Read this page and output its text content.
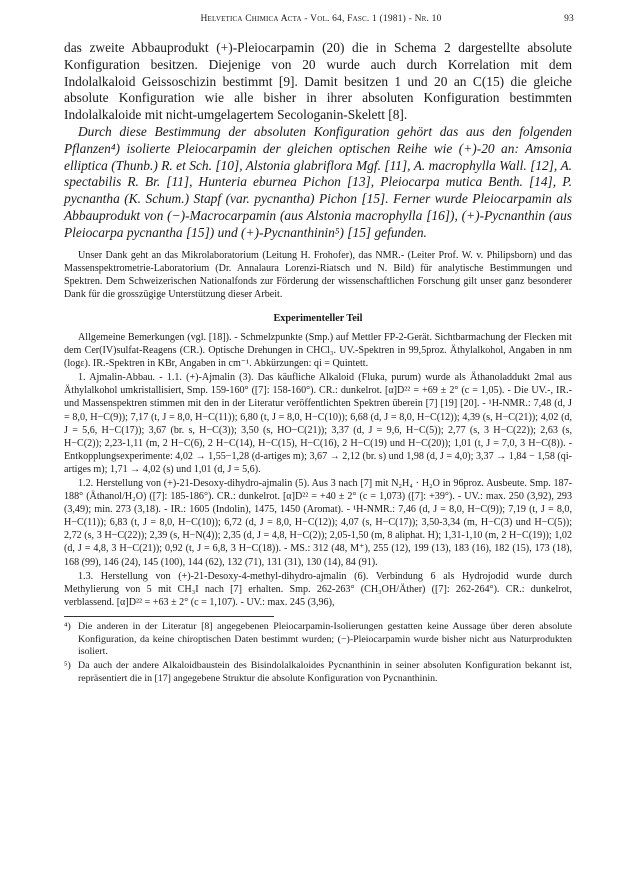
Helvetica Chimica Acta - Vol. 64, Fasc. 1 (1981) - Nr. 10	93

das zweite Abbauprodukt (+)-Pleiocarpamin (20) die in Schema 2 dargestellte absolute Konfiguration besitzen. Diejenige von 20 wurde auch durch Korrelation mit dem Indolalkaloid Geissoschizin bestimmt [9]. Damit besitzen 1 und 20 an C(15) die gleiche absolute Konfiguration wie alle bisher in ihrer absoluten Konfiguration bestimmten Indolalkaloide mit nicht-umgelagertem Secologanin-Skelett [8].

Durch diese Bestimmung der absoluten Konfiguration gehört das aus den folgenden Pflanzen⁴) isolierte Pleiocarpamin der gleichen optischen Reihe wie (+)-20 an: Amsonia elliptica (Thunb.) R. et Sch. [10], Alstonia glabriflora Mgf. [11], A. macrophylla Wall. [12], A. spectabilis R. Br. [11], Hunteria eburnea Pichon [13], Pleiocarpa mutica Benth. [14], P. pycnantha (K. Schum.) Stapf (var. pycnantha) Pichon [15]. Ferner wurde Pleiocarpamin als Abbauprodukt von (−)-Macrocarpamin (aus Alstonia macrophylla [16]), (+)-Pycnanthin (aus Pleiocarpa pycnantha [15]) und (+)-Pycnanthinin⁵) [15] gefunden.

Unser Dank geht an das Mikrolaboratorium (Leitung H. Frohofer), das NMR.- (Leiter Prof. W. v. Philipsborn) und das Massenspektrometrie-Laboratorium (Dr. Annalaura Lorenzi-Riatsch und N. Bild) für analytische Bestimmungen und Spektren. Dem Schweizerischen Nationalfonds zur Förderung der wissenschaftlichen Forschung gilt unser ganz besonderer Dank für die grosszügige Unterstützung dieser Arbeit.

Experimenteller Teil

Allgemeine Bemerkungen (vgl. [18]). - Schmelzpunkte (Smp.) auf Mettler FP-2-Gerät. Sichtbarmachung der Flecken mit dem Cer(IV)sulfat-Reagens (CR.). Optische Drehungen in CHCl₃. UV.-Spektren in 99,5proz. Äthylalkohol, Angaben in nm (logε). IR.-Spektren in KBr, Angaben in cm⁻¹. Abkürzungen: qi = Quintett.

1. Ajmalin-Abbau. - 1.1. (+)-Ajmalin (3). Das käufliche Alkaloid (Fluka, purum) wurde als Äthanoladdukt 2mal aus Äthylalkohol umkristallisiert, Smp. 159-160° ([7]: 158-160°). CR.: dunkelrot. [α]D²² = +69 ± 2° (c = 1,05). - Die UV.-, IR.- und Massenspektren stimmen mit den in der Literatur veröffentlichten Spektren überein [7] [19] [20]. - ¹H-NMR.: 7,48 (d, J = 8,0, H−C(9)); 7,17 (t, J = 8,0, H−C(11)); 6,80 (t, J = 8,0, H−C(10)); 6,68 (d, J = 8,0, H−C(12)); 4,39 (s, H−C(21)); 4,02 (d, J = 5,6, H−C(17)); 3,67 (br. s, H−C(3)); 3,50 (s, HO−C(21)); 3,37 (d, J = 9,6, H−C(5)); 2,77 (s, 3 H−C(22)); 2,63 (s, H−C(2)); 2,23-1,11 (m, 2 H−C(6), 2 H−C(14), H−C(15), H−C(16), 2 H−C(19) und H−C(20)); 1,01 (t, J = 7,0, 3 H−C(8)). - Entkopplungsexperimente: 4,02 → 1,55−1,28 (d-artiges m); 3,67 → 2,12 (br. s) und 1,98 (d, J = 4,0); 3,37 → 1,84 − 1,58 (qi-artiges m); 1,71 → 4,02 (s) und 1,01 (d, J = 5,6).

1.2. Herstellung von (+)-21-Desoxy-dihydro-ajmalin (5). Aus 3 nach [7] mit N₂H₄ · H₂O in 96proz. Ausbeute. Smp. 187-188° (Äthanol/H₂O) ([7]: 185-186°). CR.: dunkelrot. [α]D²² = +40 ± 2° (c = 1,073) ([7]: +39°). - UV.: max. 250 (3,92), 293 (3,49); min. 273 (3,18). - IR.: 1605 (Indolin), 1475, 1450 (Aromat). - ¹H-NMR.: 7,46 (d, J = 8,0, H−C(9)); 7,19 (t, J = 8,0, H−C(11)); 6,83 (t, J = 8,0, H−C(10)); 6,72 (d, J = 8,0, H−C(12)); 4,07 (s, H−C(17)); 3,50-3,34 (m, H−C(3) und H−C(5)); 2,72 (s, 3 H−C(22)); 2,39 (s, H−N(4)); 2,35 (d, J = 4,8, H−C(2)); 2,05-1,50 (m, 8 aliphat. H); 1,31-1,10 (m, 2 H−C(19)); 1,02 (d, J = 4,8, 3 H−C(21)); 0,92 (t, J = 6,8, 3 H−C(18)). - MS.: 312 (48, M⁺), 255 (12), 199 (13), 183 (16), 182 (15), 173 (18), 168 (99), 146 (24), 145 (100), 144 (62), 132 (71), 131 (31), 130 (14), 84 (91).

1.3. Herstellung von (+)-21-Desoxy-4-methyl-dihydro-ajmalin (6). Verbindung 6 als Hydrojodid wurde durch Methylierung von 5 mit CH₃I nach [7] erhalten. Smp. 262-263° (CH₃OH/Äther) ([7]: 262-264°). CR.: dunkelrot, verblassend. [α]D²² = +63 ± 2° (c = 1,107). - UV.: max. 245 (3,96),

⁴) Die anderen in der Literatur [8] angegebenen Pleiocarpamin-Isolierungen gestatten keine Aussage über deren absolute Konfiguration, da keine chiroptischen Daten bestimmt wurden; (−)-Pleiocarpamin wurde bisher nicht aus Naturprodukten isoliert.
⁵) Da auch der andere Alkaloidbaustein des Bisindolalkaloides Pycnanthinin in seiner absoluten Konfiguration bekannt ist, repräsentiert die in [17] angegebene Struktur die absolute Konfiguration von Pycnanthinin.
